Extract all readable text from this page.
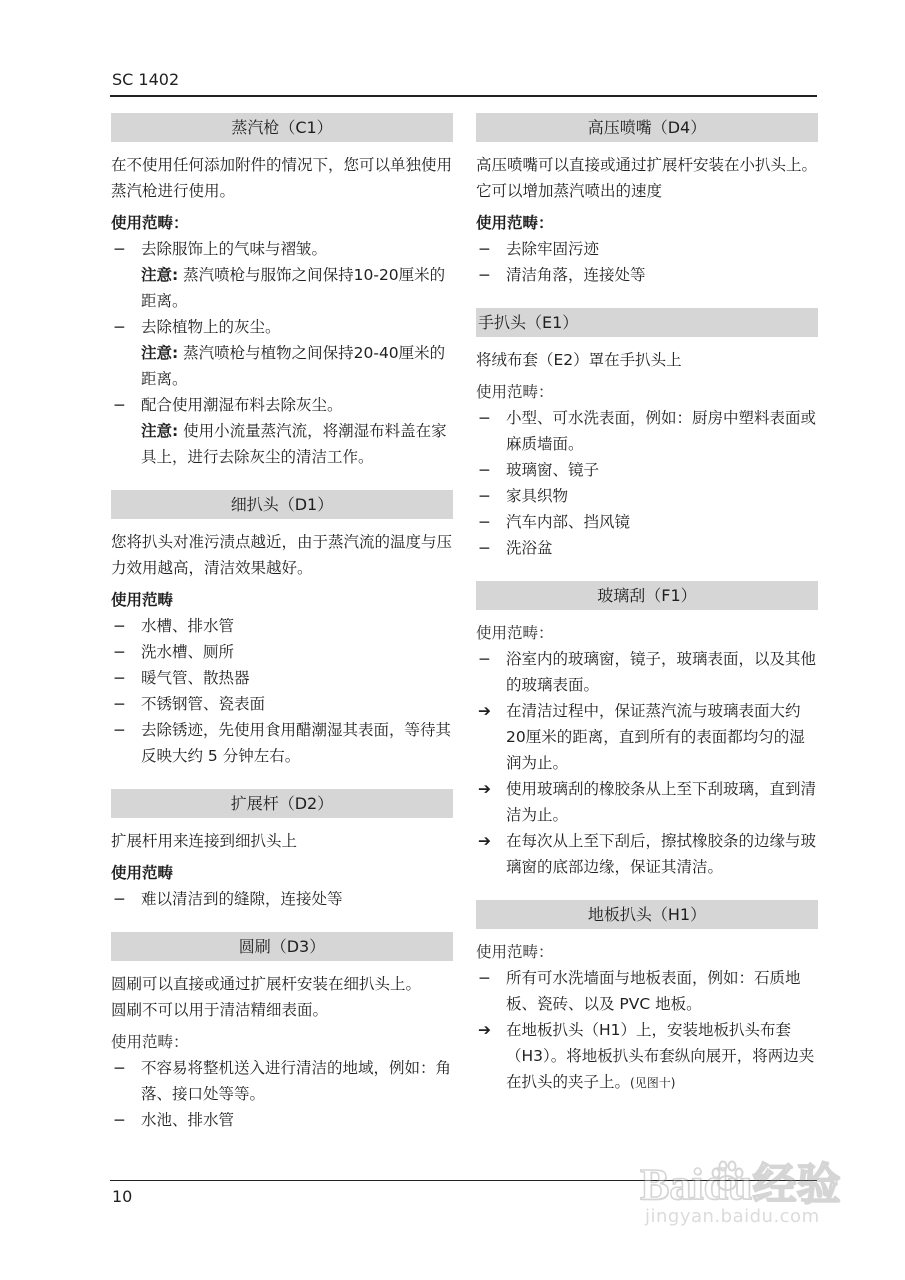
SC 1402
蒸汽枪（C1）

在不使用任何添加附件的情况下，您可以单独使用蒸汽枪进行使用。

使用范畴：

− 去除服饰上的气味与褶皱。
注意: 蒸汽喷枪与服饰之间保持10-20厘米的距离。
− 去除植物上的灰尘。
注意: 蒸汽喷枪与植物之间保持20-40厘米的距离。
− 配合使用潮湿布料去除灰尘。
注意: 使用小流量蒸汽流，将潮湿布料盖在家具上，进行去除灰尘的清洁工作。
细扒头（D1）

您将扒头对准污渍点越近，由于蒸汽流的温度与压力效用越高，清洁效果越好。

使用范畴

− 水槽、排水管
− 洗水槽、厕所
− 暖气管、散热器
− 不锈钢管、瓷表面
− 去除锈迹，先使用食用醋潮湿其表面，等待其反映大约 5 分钟左右。
扩展杆（D2）

扩展杆用来连接到细扒头上

使用范畴

− 难以清洁到的缝隙，连接处等
圆刷（D3）

圆刷可以直接或通过扩展杆安装在细扒头上。

圆刷不可以用于清洁精细表面。

使用范畴：

− 不容易将整机送入进行清洁的地域，例如：角落、接口处等等。
− 水池、排水管
高压喷嘴（D4）

高压喷嘴可以直接或通过扩展杆安装在小扒头上。它可以增加蒸汽喷出的速度

使用范畴：

− 去除牢固污迹
− 清洁角落，连接处等
手扒头（E1）

将绒布套（E2）罩在手扒头上

使用范畴：

− 小型、可水洗表面，例如：厨房中塑料表面或麻质墙面。
− 玻璃窗、镜子
− 家具织物
− 汽车内部、挡风镜
− 洗浴盆
玻璃刮（F1）

使用范畴：

− 浴室内的玻璃窗，镜子，玻璃表面，以及其他的玻璃表面。
➔ 在清洁过程中，保证蒸汽流与玻璃表面大约20厘米的距离，直到所有的表面都均匀的湿润为止。
➔ 使用玻璃刮的橡胶条从上至下刮玻璃，直到清洁为止。
➔ 在每次从上至下刮后，擦拭橡胶条的边缘与玻璃窗的底部边缘，保证其清洁。
地板扒头（H1）

使用范畴：

− 所有可水洗墙面与地板表面，例如：石质地板、瓷砖、以及 PVC 地板。
➔ 在地板扒头（H1）上，安装地板扒头布套（H3）。将地板扒头布套纵向展开，将两边夹在扒头的夹子上。(见图十)
10	Baidu经验
jingyan.baidu.com
